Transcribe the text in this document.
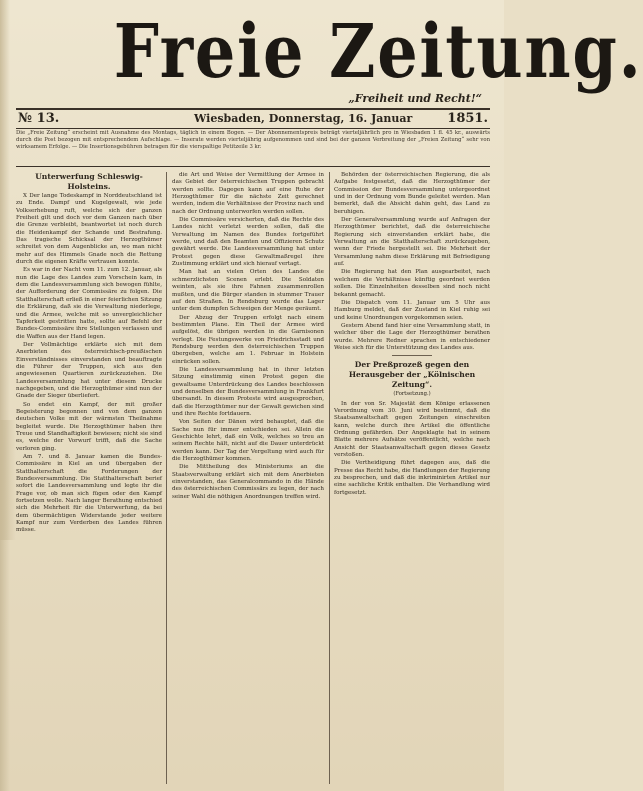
Freie Zeitung.
„Freiheit und Recht!“
№ 13.	Wiesbaden, Donnerstag, 16. Januar	1851.
Die „Freie Zeitung“ erscheint mit Ausnahme des Montags, täglich in einem Bogen. — Der Abonnementspreis beträgt vierteljährlich pro in Wiesbaden 1 fl. 45 kr., auswärts durch die Post bezogen mit entsprechendem Aufschlage. — Inserate werden vierteljährig aufgenommen und sind bei der ganzen Verbreitung der „Freien Zeitung“ sehr von wirksamem Erfolge. — Die Insertionsgebühren betragen für die vierspaltige Petitzeile 3 kr.

Unterwerfung Schleswig-Holsteins.

X Der lange Todeskampf in Norddeutschland ist zu Ende. Dampf und Kugelgewalt, wie jede Volkserhebung ruft, welche sich der ganzen Freiheit gilt und doch vor dem Ganzen nach über die Grenze verbleibt, beantwortet ist noch durch die Heidenkampf der Schande und Bestrafung. Das tragische Schicksal der Herzogthümer schreitet von dem Augenblicke an, wo man nicht mehr auf des Himmels Gnade noch die Rettung durch die eigenen Kräfte vertrauen konnte.

Es war in der Nacht vom 11. zum 12. Januar, als nun die Lage des Landes zum Vorschein kam, in dem die Landesversammlung sich bewogen fühlte, der Aufforderung der Commissäre zu folgen. Die Statthalterschaft erließ in einer feierlichen Sitzung die Erklärung, daß sie die Verwaltung niederlege, und die Armee, welche mit so unvergleichlicher Tapferkeit gestritten hatte, sollte auf Befehl der Bundes-Commissäre ihre Stellungen verlassen und die Waffen aus der Hand legen.

Der Vollmächtige erklärte sich mit dem Anerbieten des österreichisch-preußischen Einverständnisses einverstanden und beauftragte die Führer der Truppen, sich aus den angewiesenen Quartieren zurückzuziehen. Die Landesversammlung hat unter diesem Drucke nachgegeben, und die Herzogthümer sind nun der Gnade der Sieger überliefert.

So endet ein Kampf, der mit großer Begeisterung begonnen und von dem ganzen deutschen Volke mit der wärmsten Theilnahme begleitet wurde. Die Herzogthümer haben ihre Treue und Standhaftigkeit bewiesen; nicht sie sind es, welche der Vorwurf trifft, daß die Sache verloren ging.

Am 7. und 8. Januar kamen die Bundes-Commissäre in Kiel an und übergaben der Statthalterschaft die Forderungen der Bundesversammlung. Die Statthalterschaft berief sofort die Landesversammlung und legte ihr die Frage vor, ob man sich fügen oder den Kampf fortsetzen wolle. Nach langer Berathung entschied sich die Mehrheit für die Unterwerfung, da bei dem übermächtigen Widerstande jeder weitere Kampf nur zum Verderben des Landes führen müsse.

die Art und Weise der Vermittlung der Armee in das Gebiet der österreichischen Truppen gebracht werden sollte. Dagegen kann auf eine Ruhe der Herzogthümer für die nächste Zeit gerechnet werden, indem die Verhältnisse der Provinz nach und nach der Ordnung unterworfen werden sollen.

Die Commissäre versicherten, daß die Rechte des Landes nicht verletzt werden sollen, daß die Verwaltung im Namen des Bundes fortgeführt werde, und daß den Beamten und Offizieren Schutz gewährt werde. Die Landesversammlung hat unter Protest gegen diese Gewaltmaßregel ihre Zustimmung erklärt und sich hierauf vertagt.

Man hat an vielen Orten des Landes die schmerzlichsten Scenen erlebt. Die Soldaten weinten, als sie ihre Fahnen zusammenrollen mußten, und die Bürger standen in stummer Trauer auf den Straßen. In Rendsburg wurde das Lager unter dem dumpfen Schweigen der Menge geräumt.

Der Abzug der Truppen erfolgt nach einem bestimmten Plane. Ein Theil der Armee wird aufgelöst, die übrigen werden in die Garnisonen verlegt. Die Festungswerke von Friedrichsstadt und Rendsburg werden den österreichischen Truppen übergeben, welche am 1. Februar in Holstein einrücken sollen.

Die Landesversammlung hat in ihrer letzten Sitzung einstimmig einen Protest gegen die gewaltsame Unterdrückung des Landes beschlossen und denselben der Bundesversammlung in Frankfurt übersandt. In diesem Proteste wird ausgesprochen, daß die Herzogthümer nur der Gewalt gewichen sind und ihre Rechte fortdauern.

Von Seiten der Dänen wird behauptet, daß die Sache nun für immer entschieden sei. Allein die Geschichte lehrt, daß ein Volk, welches so treu an seinem Rechte hält, nicht auf die Dauer unterdrückt werden kann. Der Tag der Vergeltung wird auch für die Herzogthümer kommen.

Die Mittheilung des Ministeriums an die Staatsverwaltung erklärt sich mit dem Anerbieten einverstanden, das Generalcommando in die Hände des österreichischen Commissärs zu legen, der nach seiner Wahl die nöthigen Anordnungen treffen wird.

Behörden der österreichischen Regierung, die als Aufgabe festgesetzt, daß die Herzogthümer der Commission der Bundesversammlung untergeordnet und in der Ordnung vom Bunde geleitet werden. Man bemerkt, daß die Absicht dahin geht, das Land zu beruhigen.

Der Generalversammlung wurde auf Anfragen der Herzogthümer berichtet, daß die österreichische Regierung sich einverstanden erklärt habe, die Verwaltung an die Statthalterschaft zurückzugeben, wenn der Friede hergestellt sei. Die Mehrheit der Versammlung nahm diese Erklärung mit Befriedigung auf.

Die Regierung hat den Plan ausgearbeitet, nach welchem die Verhältnisse künftig geordnet werden sollen. Die Einzelnheiten desselben sind noch nicht bekannt gemacht.

Die Dispatch vom 11. Januar um 5 Uhr aus Hamburg meldet, daß der Zustand in Kiel ruhig sei und keine Unordnungen vorgekommen seien.

Gestern Abend fand hier eine Versammlung statt, in welcher über die Lage der Herzogthümer berathen wurde. Mehrere Redner sprachen in entschiedener Weise sich für die Unterstützung des Landes aus.

Der Preßprozeß gegen den Herausgeber der „Kölnischen Zeitung“.

(Fortsetzung.)

In der von Sr. Majestät dem Könige erlassenen Verordnung vom 30. Juni wird bestimmt, daß die Staatsanwaltschaft gegen Zeitungen einschreiten kann, welche durch ihre Artikel die öffentliche Ordnung gefährden. Der Angeklagte hat in seinem Blatte mehrere Aufsätze veröffentlicht, welche nach Ansicht der Staatsanwaltschaft gegen dieses Gesetz verstoßen.

Die Vertheidigung führt dagegen aus, daß die Presse das Recht habe, die Handlungen der Regierung zu besprechen, und daß die inkriminirten Artikel nur eine sachliche Kritik enthalten. Die Verhandlung wird fortgesetzt.
